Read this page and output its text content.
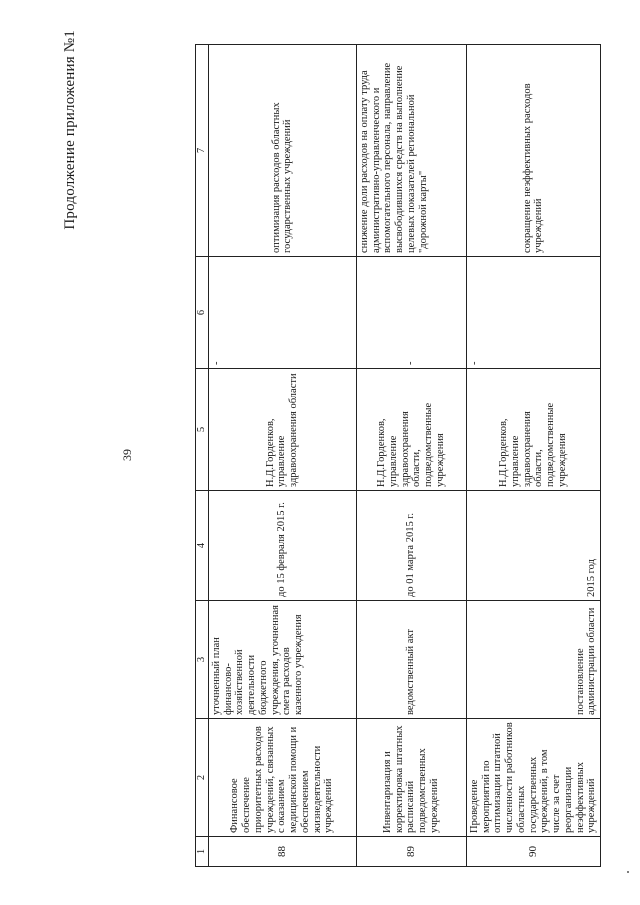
Продолжение приложения №1
39
1	2	3	4	5	6	7
88	Финансовое обеспечение приоритетных расходов учреждений, связанных с оказанием медицинской помощи и обеспечением жизнедеятельности учреждений	уточненный план финансово-хозяйственной деятельности бюджетного учреждения, уточненная смета расходов казенного учреждения	до 15 февраля 2015 г.	Н.Д.Горденков, управление здравоохранения области	-	оптимизация расходов областных государственных учреждений
89	Инвентаризация и корректировка штатных расписаний подведомственных учреждений	ведомственный акт	до 01 марта 2015 г.	Н.Д.Горденков, управление здравоохранения области, подведомственные учреждения	-	снижение доли расходов на оплату труда административно-управленческого и вспомогательного персонала, направление высвободившихся средств на выполнение целевых показателей региональной "дорожной карты"
90	Проведение мероприятий по оптимизации штатной численности работников областных государственных учреждений, в том числе за счет реорганизации неэффективных учреждений	постановление администрации области	2015 год	Н.Д.Горденков, управление здравоохранения области, подведомственные учреждения	-	сокращение неэффективных расходов учреждений
